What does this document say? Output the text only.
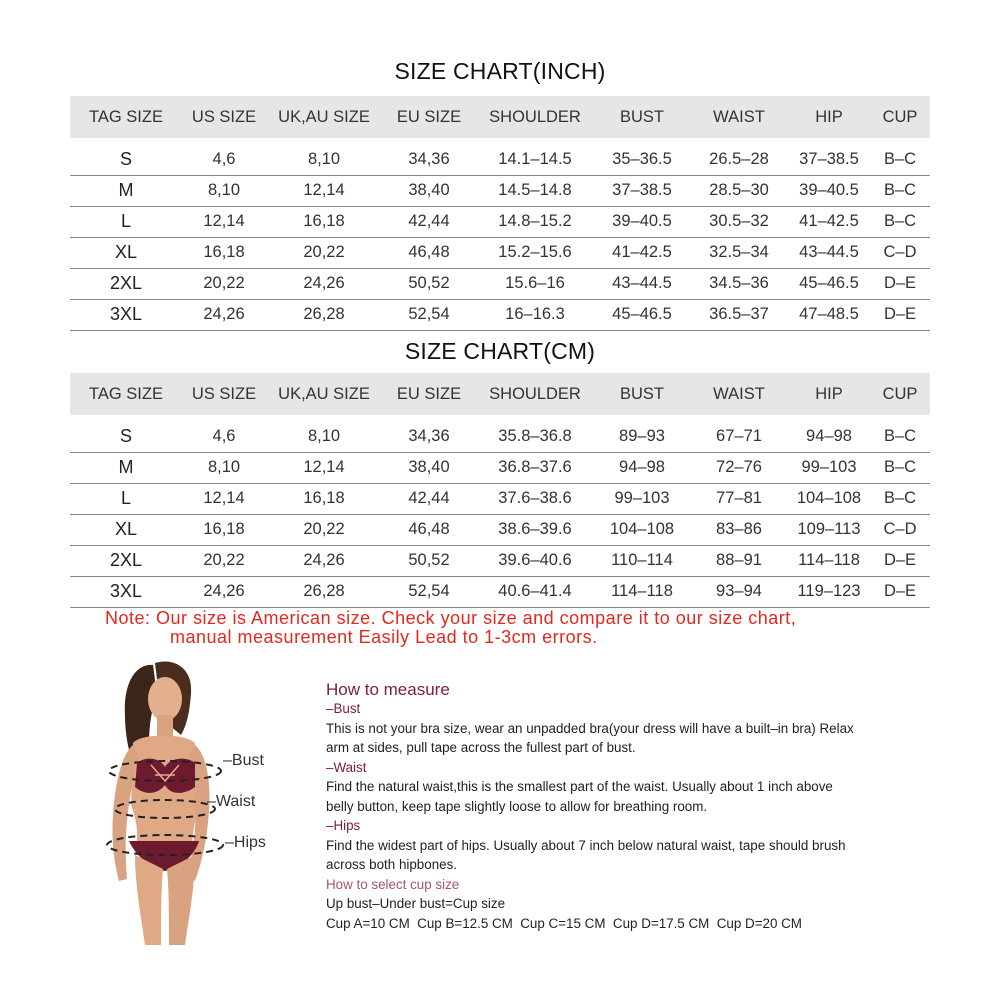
SIZE CHART(INCH)
TAG SIZE	US SIZE	UK,AU SIZE	EU SIZE	SHOULDER	BUST	WAIST	HIP	CUP
S	4,6	8,10	34,36	14.1–14.5	35–36.5	26.5–28	37–38.5	B–C
M	8,10	12,14	38,40	14.5–14.8	37–38.5	28.5–30	39–40.5	B–C
L	12,14	16,18	42,44	14.8–15.2	39–40.5	30.5–32	41–42.5	B–C
XL	16,18	20,22	46,48	15.2–15.6	41–42.5	32.5–34	43–44.5	C–D
2XL	20,22	24,26	50,52	15.6–16	43–44.5	34.5–36	45–46.5	D–E
3XL	24,26	26,28	52,54	16–16.3	45–46.5	36.5–37	47–48.5	D–E
SIZE CHART(CM)
TAG SIZE	US SIZE	UK,AU SIZE	EU SIZE	SHOULDER	BUST	WAIST	HIP	CUP
S	4,6	8,10	34,36	35.8–36.8	89–93	67–71	94–98	B–C
M	8,10	12,14	38,40	36.8–37.6	94–98	72–76	99–103	B–C
L	12,14	16,18	42,44	37.6–38.6	99–103	77–81	104–108	B–C
XL	16,18	20,22	46,48	38.6–39.6	104–108	83–86	109–113	C–D
2XL	20,22	24,26	50,52	39.6–40.6	110–114	88–91	114–118	D–E
3XL	24,26	26,28	52,54	40.6–41.4	114–118	93–94	119–123	D–E
Note: Our size is American size. Check your size and compare it to our size chart,
manual measurement Easily Lead to 1-3cm errors.
–Bust
–Waist
–Hips

How to measure

–Bust

This is not your bra size, wear an unpadded bra(your dress will have a built–in bra) Relax

arm at sides, pull tape across the fullest part of bust.

–Waist

Find the natural waist,this is the smallest part of the waist. Usually about 1 inch above

belly button, keep tape slightly loose to allow for breathing room.

–Hips

Find the widest part of hips. Usually about 7 inch below natural waist, tape should brush

across both hipbones.

How to select cup size

Up bust–Under bust=Cup size

Cup A=10 CM  Cup B=12.5 CM  Cup C=15 CM  Cup D=17.5 CM  Cup D=20 CM
